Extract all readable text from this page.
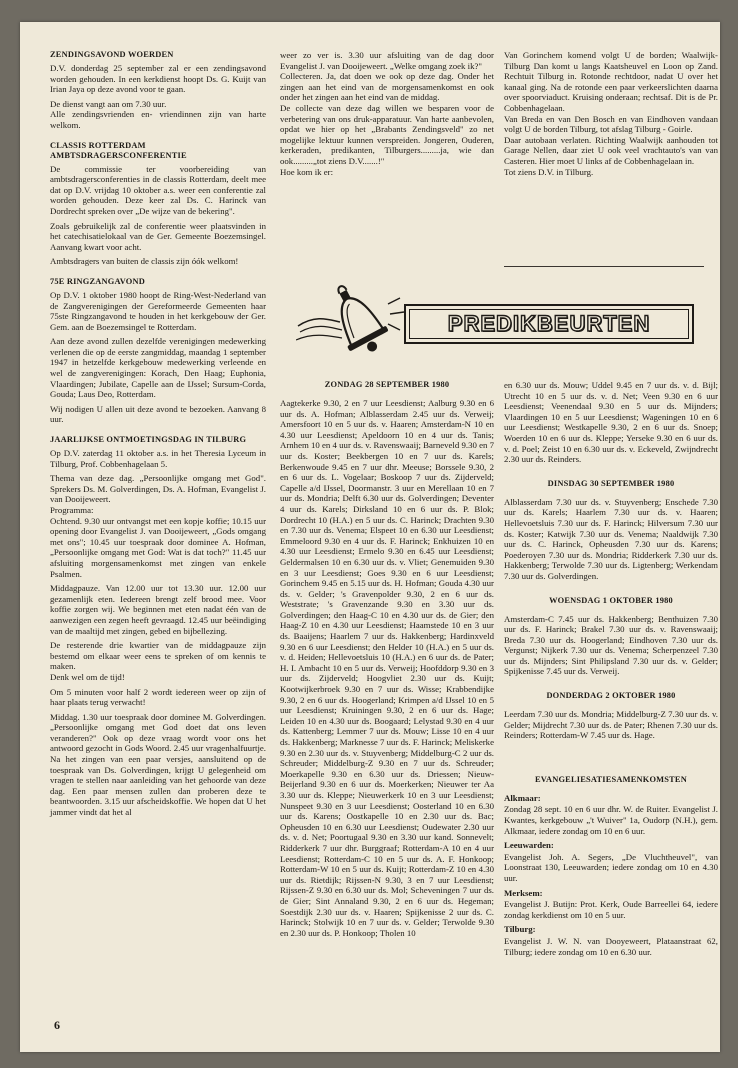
ZENDINGSAVOND WOERDEN

D.V. donderdag 25 september zal er een zendingsavond worden gehouden. In een kerkdienst hoopt Ds. G. Kuijt van Irian Jaya op deze avond voor te gaan.

De dienst vangt aan om 7.30 uur.

Alle zendingsvrienden en- vriendinnen zijn van harte welkom.

CLASSIS ROTTERDAM AMBTSDRAGERSCONFERENTIE

De commissie ter voorbereiding van ambtsdragersconferenties in de classis Rotterdam, deelt mee dat op D.V. vrijdag 10 oktober a.s. weer een conferentie zal worden gehouden. Deze keer zal Ds. C. Harinck van Dordrecht spreken over „De wijze van de bekering".

Zoals gebruikelijk zal de conferentie weer plaatsvinden in het catechisatielokaal van de Ger. Gemeente Boezemsingel. Aanvang kwart voor acht.

Ambtsdragers van buiten de classis zijn óók welkom!

75E RINGZANGAVOND

Op D.V. 1 oktober 1980 hoopt de Ring-West-Nederland van de Zangverenigingen der Gereformeerde Gemeenten haar 75ste Ringzangavond te houden in het kerkgebouw der Ger. Gem. aan de Boezemsingel te Rotterdam.

Aan deze avond zullen dezelfde verenigingen medewerking verlenen die op de eerste zangmiddag, maandag 1 september 1947 in hetzelfde kerkgebouw medewerking verleende en wel de zangverenigingen: Korach, Den Haag; Euphonia, Vlaardingen; Jubilate, Capelle aan de IJssel; Sursum-Corda, Gouda; Laus Deo, Rotterdam.

Wij nodigen U allen uit deze avond te bezoeken. Aanvang 8 uur.

JAARLIJKSE ONTMOETINGSDAG IN TILBURG

Op D.V. zaterdag 11 oktober a.s. in het Theresia Lyceum in Tilburg, Prof. Cobbenhagelaan 5.

Thema van deze dag. „Persoonlijke omgang met God". Sprekers Ds. M. Golverdingen, Ds. A. Hofman, Evangelist J. van Dooijeweert.

Programma:

Ochtend. 9.30 uur ontvangst met een kopje koffie; 10.15 uur opening door Evangelist J. van Dooijeweert, „Gods omgang met ons"; 10.45 uur toespraak door dominee A. Hofman, „Persoonlijke omgang met God: Wat is dat toch?" 11.45 uur afsluiting morgensamenkomst met zingen van enkele Psalmen.

Middagpauze. Van 12.00 uur tot 13.30 uur. 12.00 uur gezamenlijk eten. Iedereen brengt zelf brood mee. Voor koffie zorgen wij. We beginnen met eten nadat één van de aanwezigen een zegen heeft gevraagd. 12.45 uur beëindiging van de maaltijd met zingen, gebed en bijbellezing.

De resterende drie kwartier van de middagpauze zijn bestemd om elkaar weer eens te spreken of om kennis te maken.

Denk wel om de tijd!

Om 5 minuten voor half 2 wordt iedereen weer op zijn of haar plaats terug verwacht!

Middag. 1.30 uur toespraak door dominee M. Golverdingen. „Persoonlijke omgang met God doet dat ons leven veranderen?" Ook op deze vraag wordt voor ons het antwoord gezocht in Gods Woord. 2.45 uur vragenhalfuurtje. Na het zingen van een paar versjes, aansluitend op de toespraak van Ds. Golverdingen, krijgt U gelegenheid om vragen te stellen naar aanleiding van het gehoorde van deze dag. Een paar mensen zullen dan proberen deze te beantwoorden. 3.15 uur afscheidskoffie. We hopen dat U het jammer vindt dat het al

weer zo ver is. 3.30 uur afsluiting van de dag door Evangelist J. van Dooijeweert. „Welke omgang zoek ik?"

Collecteren. Ja, dat doen we ook op deze dag. Onder het zingen aan het eind van de morgensamenkomst en ook onder het zingen aan het eind van de middag.

De collecte van deze dag willen we besparen voor de verbetering van ons druk-apparatuur. Van harte aanbevolen, opdat we hier op het „Brabants Zendingsveld" zo net mogelijke lektuur kunnen verspreiden. Jongeren, Ouderen, kerkeraden, predikanten, Tilburgers.........ja, wie dan ook.........„tot ziens D.V.......!"

Hoe kom ik er:

Van Gorinchem komend volgt U de borden; Waalwijk-Tilburg Dan komt u langs Kaatsheuvel en Loon op Zand. Rechtuit Tilburg in. Rotonde rechtdoor, nadat U over het kanaal ging. Na de rotonde een paar verkeerslichten daarna over spoorviaduct. Kruising onderaan; rechtsaf. Dit is de Pr. Cobbenhagelaan.

Van Breda en van Den Bosch en van Eindhoven vandaan volgt U de borden Tilburg, tot afslag Tilburg - Goirle.

Daar autobaan verlaten. Richting Waalwijk aanhouden tot Garage Nellen, daar ziet U ook veel vrachtauto's van van Casteren. Hier moet U links af de Cobbenhagelaan in.

Tot ziens D.V. in Tilburg.

PREDIKBEURTEN
ZONDAG 28 SEPTEMBER 1980

Aagtekerke 9.30, 2 en 7 uur Leesdienst; Aalburg 9.30 en 6 uur ds. A. Hofman; Alblasserdam 2.45 uur ds. Verweij; Amersfoort 10 en 5 uur ds. v. Haaren; Amsterdam-N 10 en 4.30 uur Leesdienst; Apeldoorn 10 en 4 uur ds. Tanis; Arnhem 10 en 4 uur ds. v. Ravenswaaij; Barneveld 9.30 en 7 uur ds. Koster; Beekbergen 10 en 7 uur ds. Karels; Berkenwoude 9.45 en 7 uur dhr. Meeuse; Borssele 9.30, 2 en 6 uur ds. L. Vogelaar; Boskoop 7 uur ds. Zijderveld; Capelle a/d IJssel, Doormanstr. 3 uur en Merellaan 10 en 7 uur ds. Mondria; Delft 6.30 uur ds. Golverdingen; Deventer 4 uur ds. Karels; Dirksland 10 en 6 uur ds. P. Blok; Dordrecht 10 (H.A.) en 5 uur ds. C. Harinck; Drachten 9.30 en 7.30 uur ds. Venema; Elspeet 10 en 6.30 uur Leesdienst; Emmeloord 9.30 en 4 uur ds. F. Harinck; Enkhuizen 10 en 4.30 uur Leesdienst; Ermelo 9.30 en 6.45 uur Leesdienst; Geldermalsen 10 en 6.30 uur ds. v. Vliet; Genemuiden 9.30 en 3 uur Leesdienst; Goes 9.30 en 6 uur Leesdienst; Gorinchem 9.45 en 5.15 uur ds. H. Hofman; Gouda 4.30 uur ds. v. Gelder; 's Gravenpolder 9.30, 2 en 6 uur ds. Weststrate; 's Gravenzande 9.30 en 3.30 uur ds. Golverdingen; den Haag-C 10 en 4.30 uur ds. de Gier; den Haag-Z 10 en 4.30 uur Leesdienst; Haamstede 10 en 3 uur ds. Baaijens; Haarlem 7 uur ds. Hakkenberg; Hardinxveld 9.30 en 6 uur Leesdienst; den Helder 10 (H.A.) en 5 uur ds. v. d. Heiden; Hellevoetsluis 10 (H.A.) en 6 uur ds. de Pater; H. I. Ambacht 10 en 5 uur ds. Verweij; Hoofddorp 9.30 en 3 uur ds. Zijderveld; Hoogvliet 2.30 uur ds. Kuijt; Kootwijkerbroek 9.30 en 7 uur ds. Wisse; Krabbendijke 9.30, 2 en 6 uur ds. Hoogerland; Krimpen a/d IJssel 10 en 5 uur Leesdienst; Kruiningen 9.30, 2 en 6 uur ds. Hage; Leiden 10 en 4.30 uur ds. Boogaard; Lelystad 9.30 en 4 uur ds. Kattenberg; Lemmer 7 uur ds. Mouw; Lisse 10 en 4 uur ds. Hakkenberg; Marknesse 7 uur ds. F. Harinck; Meliskerke 9.30 en 2.30 uur ds. v. Stuyvenberg; Middelburg-C 2 uur ds. Schreuder; Middelburg-Z 9.30 en 7 uur ds. Schreuder; Moerkapelle 9.30 en 6.30 uur ds. Driessen; Nieuw-Beijerland 9.30 en 6 uur ds. Moerkerken; Nieuwer ter Aa 3.30 uur ds. Kleppe; Nieuwerkerk 10 en 3 uur Leesdienst; Nunspeet 9.30 en 3 uur Leesdienst; Oosterland 10 en 6.30 uur ds. Karens; Oostkapelle 10 en 2.30 uur ds. Bac; Opheusden 10 en 6.30 uur Leesdienst; Oudewater 2.30 uur ds. v. d. Net; Poortugaal 9.30 en 3.30 uur kand. Sonnevelt; Ridderkerk 7 uur dhr. Burggraaf; Rotterdam-A 10 en 4 uur Leesdienst; Rotterdam-C 10 en 5 uur ds. A. F. Honkoop; Rotterdam-W 10 en 5 uur ds. Kuijt; Rotterdam-Z 10 en 4.30 uur ds. Rietdijk; Rijssen-N 9.30, 3 en 7 uur Leesdienst; Rijssen-Z 9.30 en 6.30 uur ds. Mol; Scheveningen 7 uur ds. de Gier; Sint Annaland 9.30, 2 en 6 uur ds. Hegeman; Soestdijk 2.30 uur ds. v. Haaren; Spijkenisse 2 uur ds. C. Harinck; Stolwijk 10 en 7 uur ds. v. Gelder; Terwolde 9.30 en 2.30 uur ds. P. Honkoop; Tholen 10

en 6.30 uur ds. Mouw; Uddel 9.45 en 7 uur ds. v. d. Bijl; Utrecht 10 en 5 uur ds. v. d. Net; Veen 9.30 en 6 uur Leesdienst; Veenendaal 9.30 en 5 uur ds. Mijnders; Vlaardingen 10 en 5 uur Leesdienst; Wageningen 10 en 6 uur Leesdienst; Westkapelle 9.30, 2 en 6 uur ds. Snoep; Woerden 10 en 6 uur ds. Kleppe; Yerseke 9.30 en 6 uur ds. v. d. Poel; Zeist 10 en 6.30 uur ds. v. Eckeveld, Zwijndrecht 2.30 uur ds. Reinders.

DINSDAG 30 SEPTEMBER 1980

Alblasserdam 7.30 uur ds. v. Stuyvenberg; Enschede 7.30 uur ds. Karels; Haarlem 7.30 uur ds. v. Haaren; Hellevoetsluis 7.30 uur ds. F. Harinck; Hilversum 7.30 uur ds. Koster; Katwijk 7.30 uur ds. Venema; Naaldwijk 7.30 uur ds. C. Harinck, Opheusden 7.30 uur ds. Karens; Poederoyen 7.30 uur ds. Mondria; Ridderkerk 7.30 uur ds. Hakkenberg; Terwolde 7.30 uur ds. Ligtenberg; Werkendam 7.30 uur ds. Golverdingen.

WOENSDAG 1 OKTOBER 1980

Amsterdam-C 7.45 uur ds. Hakkenberg; Benthuizen 7.30 uur ds. F. Harinck; Brakel 7.30 uur ds. v. Ravenswaaij; Breda 7.30 uur ds. Hoogerland; Eindhoven 7.30 uur ds. Vergunst; Nijkerk 7.30 uur ds. Venema; Scherpenzeel 7.30 uur ds. Mijnders; Sint Philipsland 7.30 uur ds. v. Gelder; Spijkenisse 7.45 uur ds. Verweij.

DONDERDAG 2 OKTOBER 1980

Leerdam 7.30 uur ds. Mondria; Middelburg-Z 7.30 uur ds. v. Gelder; Mijdrecht 7.30 uur ds. de Pater; Rhenen 7.30 uur ds. Reinders; Rotterdam-W 7.45 uur ds. Hage.

EVANGELIESATIESAMENKOMSTEN

Alkmaar:

Zondag 28 sept. 10 en 6 uur dhr. W. de Ruiter. Evangelist J. Kwantes, kerkgebouw „'t Wuiver" 1a, Oudorp (N.H.), gem. Alkmaar, iedere zondag om 10 en 6 uur.

Leeuwarden:

Evangelist Joh. A. Segers, „De Vluchtheuvel", van Loonstraat 130, Leeuwarden; iedere zondag om 10 en 4.30 uur.

Merksem:

Evangelist J. Butijn: Prot. Kerk, Oude Barreellei 64, iedere zondag kerkdienst om 10 en 5 uur.

Tilburg:

Evangelist J. W. N. van Dooyeweert, Plataanstraat 62, Tilburg; iedere zondag om 10 en 6.30 uur.

6
